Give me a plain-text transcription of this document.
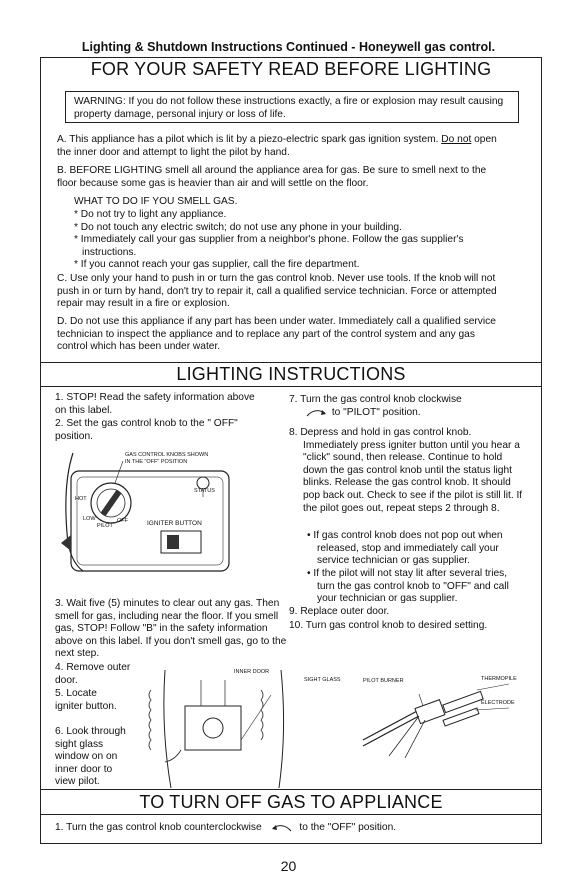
Lighting & Shutdown Instructions Continued - Honeywell gas control.
FOR YOUR SAFETY READ BEFORE LIGHTING
WARNING: If you do not follow these instructions exactly, a fire or explosion may result causing property damage, personal injury or loss of life.
A. This appliance has a pilot which is lit by a piezo-electric spark gas ignition system. Do not open the inner door and attempt to light the pilot by hand.
B. BEFORE LIGHTING smell all around the appliance area for gas. Be sure to smell next to the floor because some gas is heavier than air and will settle on the floor.
WHAT TO DO IF YOU SMELL GAS.
* Do not try to light any appliance.
* Do not touch any electric switch; do not use any phone in your building.
* Immediately call your gas supplier from a neighbor's phone. Follow the gas supplier's instructions.
* If you cannot reach your gas supplier, call the fire department.
C. Use only your hand to push in or turn the gas control knob. Never use tools. If the knob will not push in or turn by hand, don't try to repair it, call a qualified service technician. Force or attempted repair may result in a fire or explosion.
D. Do not use this appliance if any part has been under water. Immediately call a qualified service technician to inspect the appliance and to replace any part of the control system and any gas control which has been under water.
LIGHTING INSTRUCTIONS
1. STOP! Read the safety information above on this label.
2. Set the gas control knob to the " OFF" position.
GAS CONTROL KNOBS SHOWN IN THE "OFF" POSITION
STATUS
IGNITER BUTTON
HOT
LOW
PILOT
OFF
3. Wait five (5) minutes to clear out any gas. Then smell for gas, including near the floor. If you smell gas, STOP! Follow "B" in the safety information above on this label. If you don't smell gas, go to the next step.
4. Remove outer door.
5. Locate igniter button.
6. Look through sight glass window on on inner door to view pilot.
INNER DOOR
SIGHT GLASS	PILOT BURNER	THERMOPILE
ELECTRODE
7. Turn the gas control knob clockwise
to "PILOT" position.
8. Depress and hold in gas control knob. Immediately press igniter button until you hear a "click" sound, then release. Continue to hold down the gas control knob until the status light blinks. Release the gas control knob. It should pop back out. Check to see if the pilot is still lit. If the pilot goes out, repeat steps 2 through 8.
• If gas control knob does not pop out when released, stop and immediately call your service technician or gas supplier.
• If the pilot will not stay lit after several tries, turn the gas control knob to "OFF" and call your technician or gas supplier.
9. Replace outer door.
10. Turn gas control knob to desired setting.
TO TURN OFF GAS TO APPLIANCE
1. Turn the gas control knob counterclockwise	to the "OFF" position.
20
